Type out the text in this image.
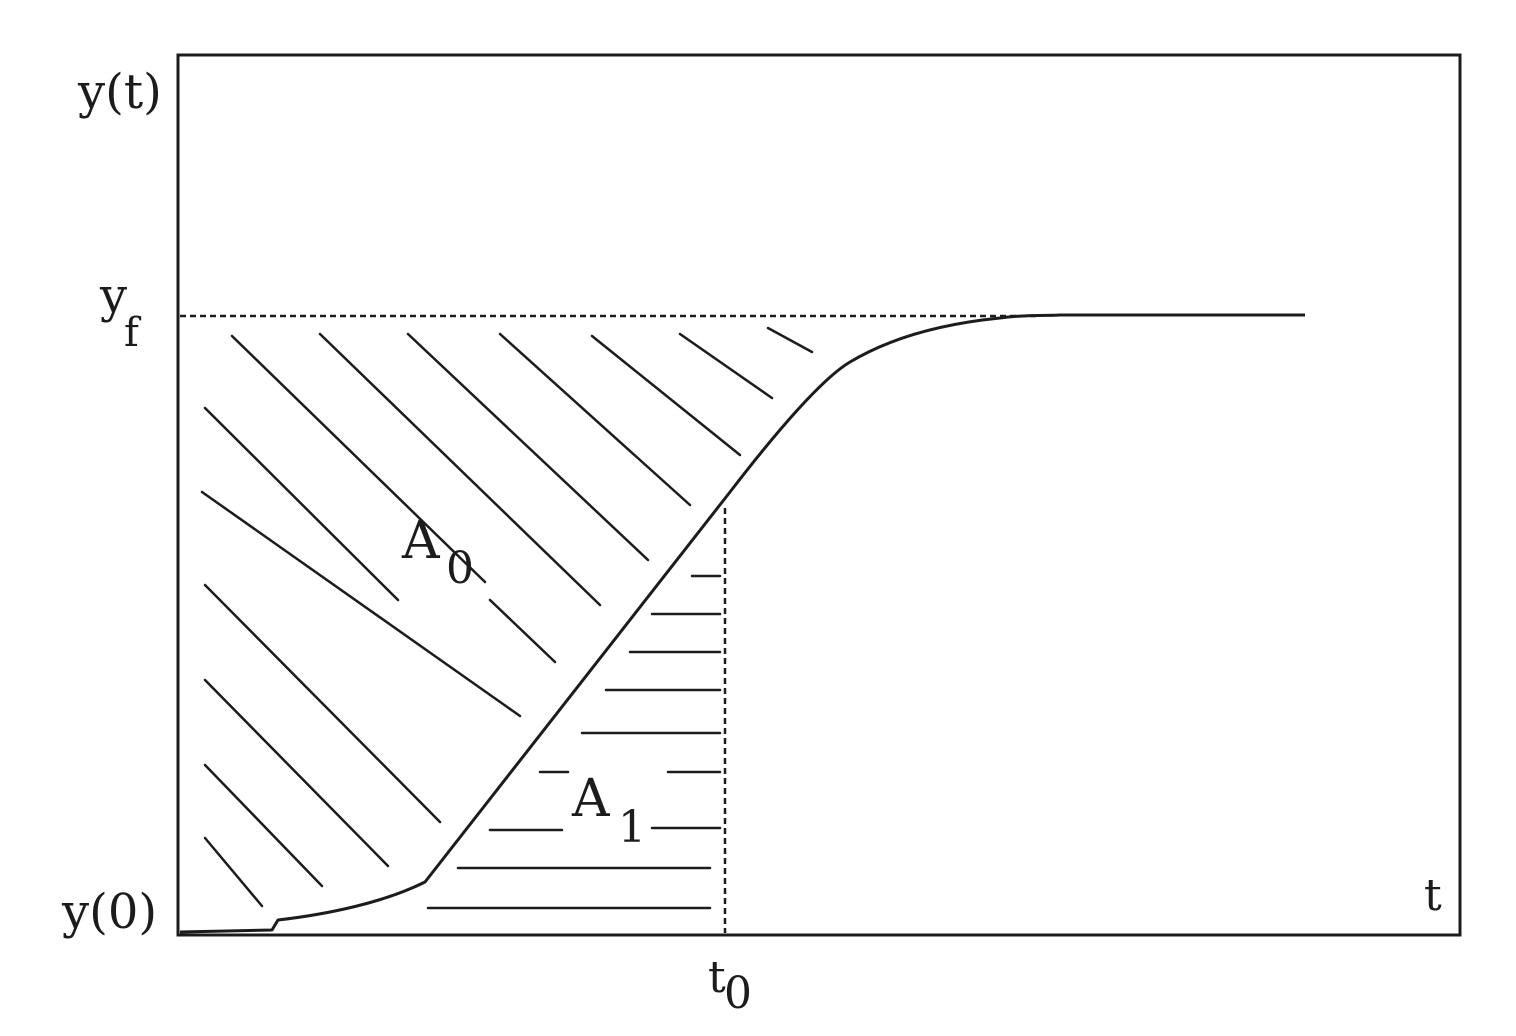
y(t)
t
y(0)
y
f
t
0
A 0
A 1
